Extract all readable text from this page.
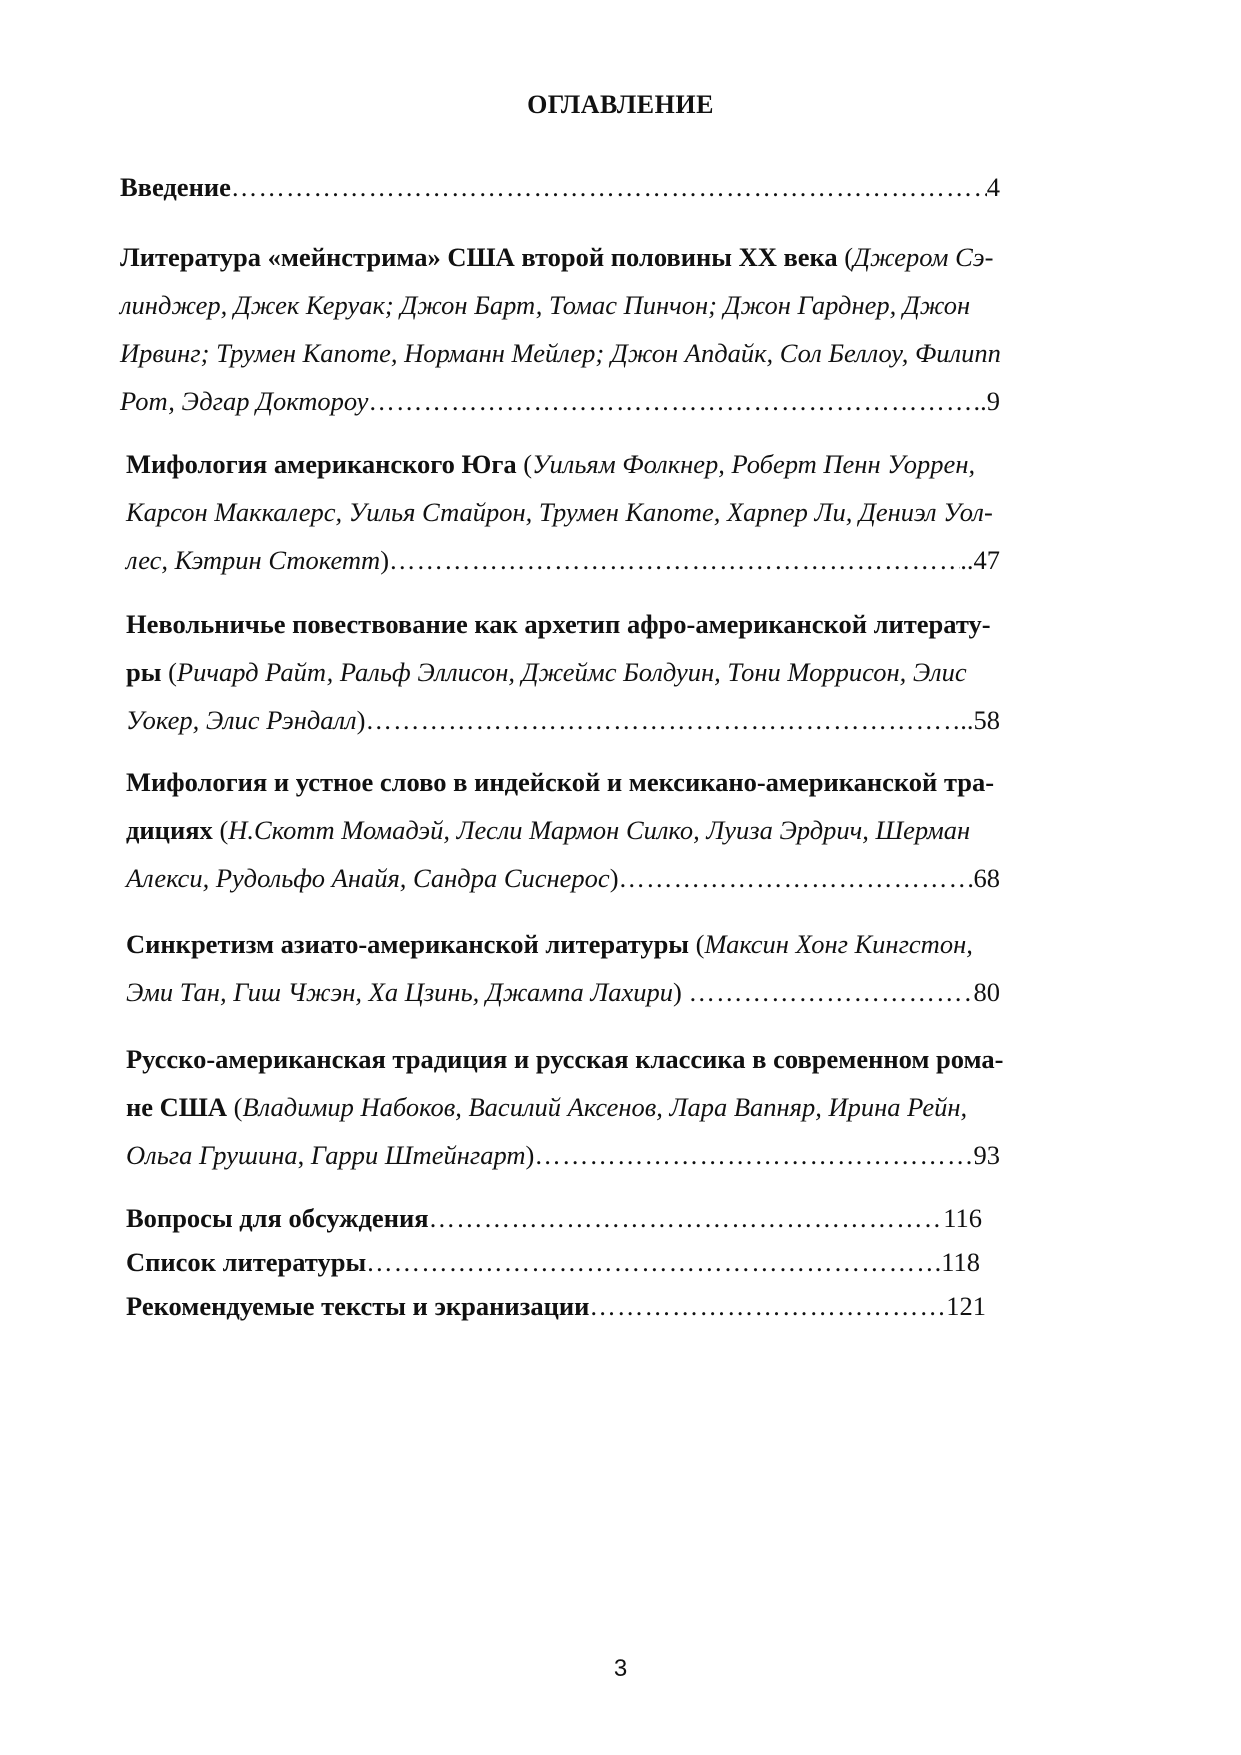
ОГЛАВЛЕНИЕ
Введение ……………………………………………………………………………………………………………………………………………………………………………………………………	4
Литература «мейнстрима» США второй половины XX века (Джером Сэ-
линджер, Джек Керуак; Джон Барт, Томас Пинчон; Джон Гарднер, Джон
Ирвинг; Трумен Капоте, Норманн Мейлер; Джон Апдайк, Сол Беллоу, Филипп
Рот, Эдгар Доктороу ……………………………………………………………………………………………………………………………………………………………………………………………………	..9
Мифология американского Юга (Уильям Фолкнер, Роберт Пенн Уоррен,
Карсон Маккалерс, Уилья Стайрон, Трумен Капоте, Харпер Ли, Дениэл Уол-
лес, Кэтрин Стокетт ) ……………………………………………………………………………………………………………………………………………………………………………………………………	..47
Невольничье повествование как архетип афро-американской литерату-
ры (Ричард Райт, Ральф Эллисон, Джеймс Болдуин, Тони Моррисон, Элис
Уокер, Элис Рэндалл ) ……………………………………………………………………………………………………………………………………………………………………………………………………	..58
Мифология и устное слово в индейской и мексикано-американской тра-
дициях (Н.Скотт Момадэй, Лесли Мармон Силко, Луиза Эрдрич, Шерман
Алекси, Рудольфо Анайя, Сандра Сиснерос ) ……………………………………………………………………………………………………………………………………………………………………………………………………	68
Синкретизм азиато-американской литературы (Максин Хонг Кингстон,
Эми Тан, Гиш Чжэн, Ха Цзинь, Джампа Лахири )
……………………………………………………………………………………………………………………………………………………………………………………………………	80
Русско-американская традиция и русская классика в современном рома-
не США (Владимир Набоков, Василий Аксенов, Лара Вапняр, Ирина Рейн,
Ольга Грушина ,
Гарри Штейнгарт ) ……………………………………………………………………………………………………………………………………………………………………………………………………	93
Вопросы для обсуждения ……………………………………………………………………………………………………………………………………………………………………………………………………	116
Список литературы ……………………………………………………………………………………………………………………………………………………………………………………………………	.118
Рекомендуемые тексты и экранизации ……………………………………………………………………………………………………………………………………………………………………………………………………	121
3
